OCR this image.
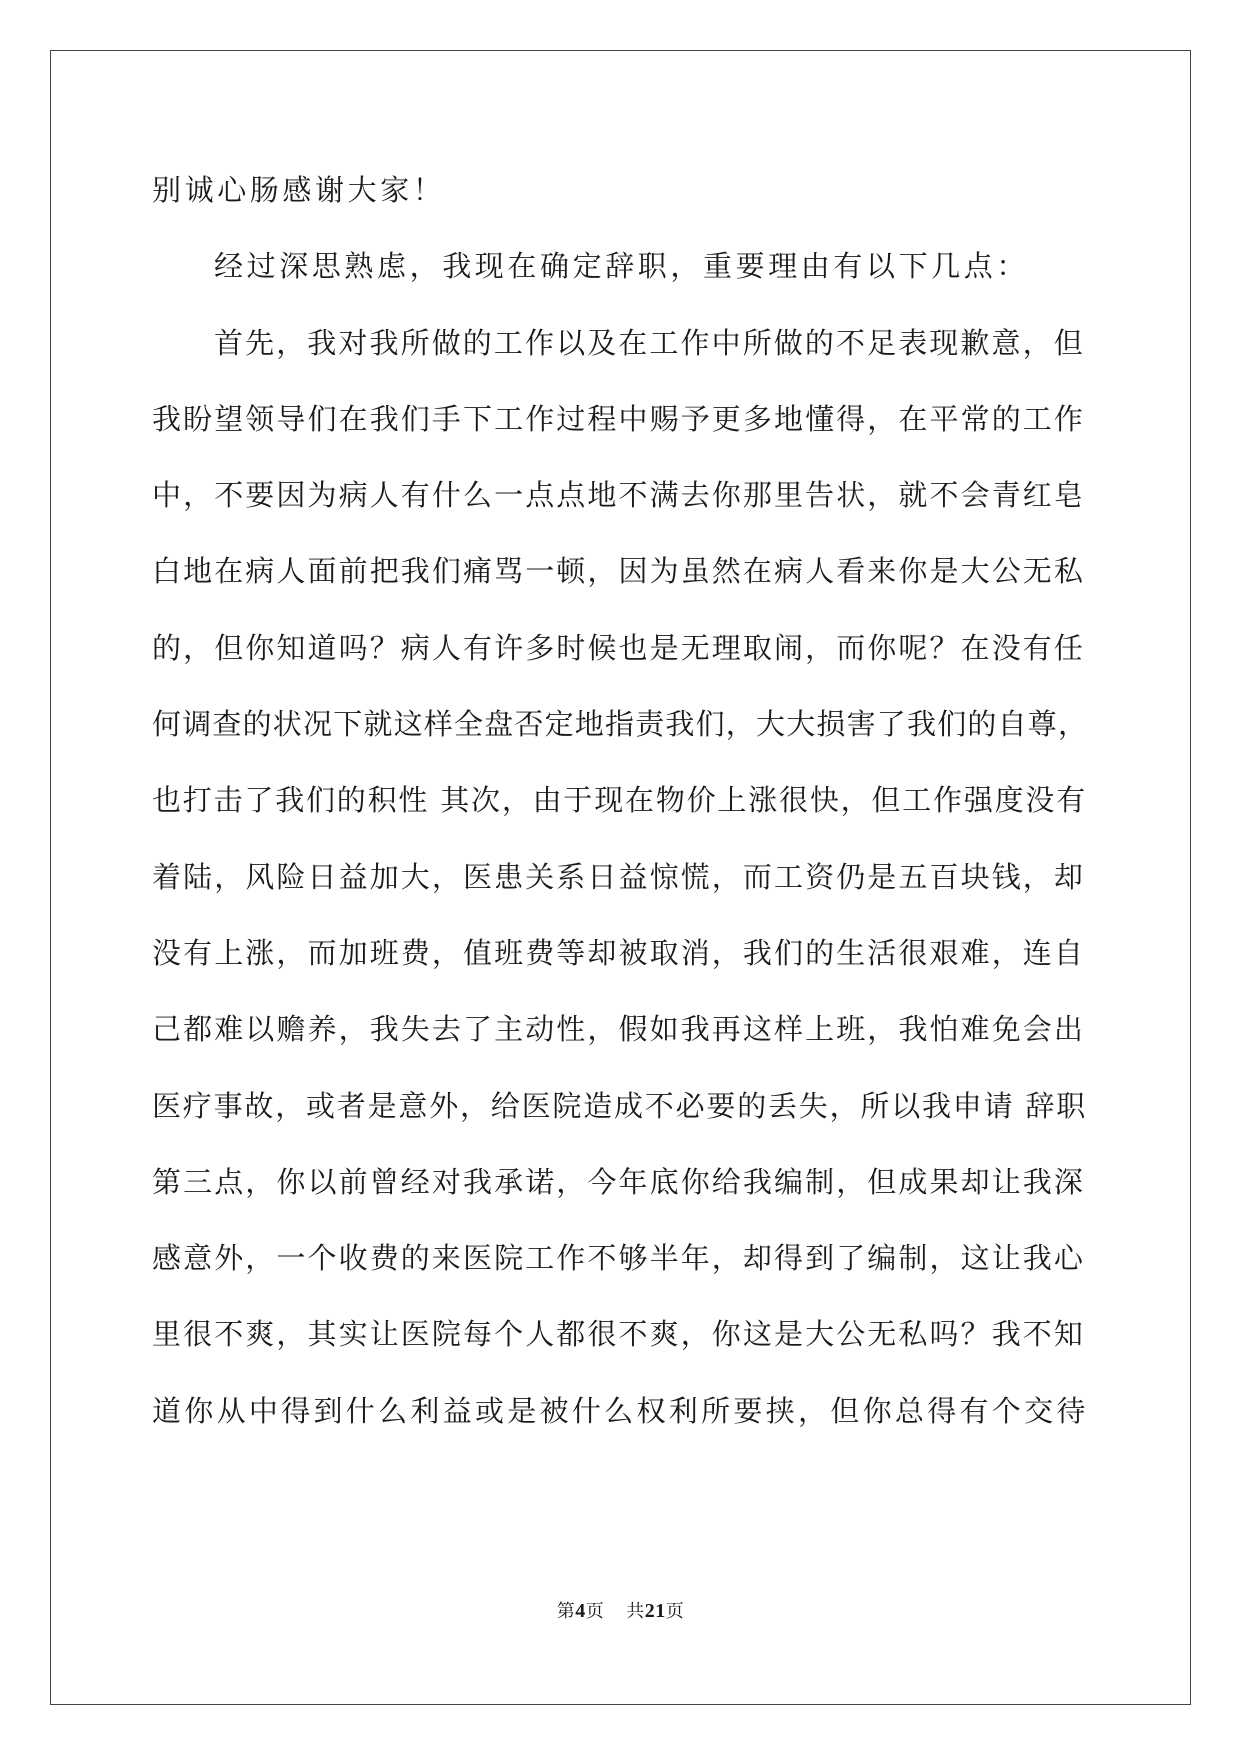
别诚心肠感谢大家！
经过深思熟虑，我现在确定辞职，重要理由有以下几点：
首先，我对我所做的工作以及在工作中所做的不足表现歉意，但
我盼望领导们在我们手下工作过程中赐予更多地懂得，在平常的工作
中，不要因为病人有什么一点点地不满去你那里告状，就不会青红皂
白地在病人面前把我们痛骂一顿，因为虽然在病人看来你是大公无私
的，但你知道吗？病人有许多时候也是无理取闹，而你呢？在没有任
何调查的状况下就这样全盘否定地指责我们，大大损害了我们的自尊，
也打击了我们的积性 其次，由于现在物价上涨很快，但工作强度没有
着陆，风险日益加大，医患关系日益惊慌，而工资仍是五百块钱，却
没有上涨，而加班费，值班费等却被取消，我们的生活很艰难，连自
己都难以赡养，我失去了主动性，假如我再这样上班，我怕难免会出
医疗事故，或者是意外，给医院造成不必要的丢失，所以我申请 辞职
第三点，你以前曾经对我承诺，今年底你给我编制，但成果却让我深
感意外，一个收费的来医院工作不够半年，却得到了编制，这让我心
里很不爽，其实让医院每个人都很不爽，你这是大公无私吗？我不知
道你从中得到什么利益或是被什么权利所要挟，但你总得有个交待
第4页 共21页
